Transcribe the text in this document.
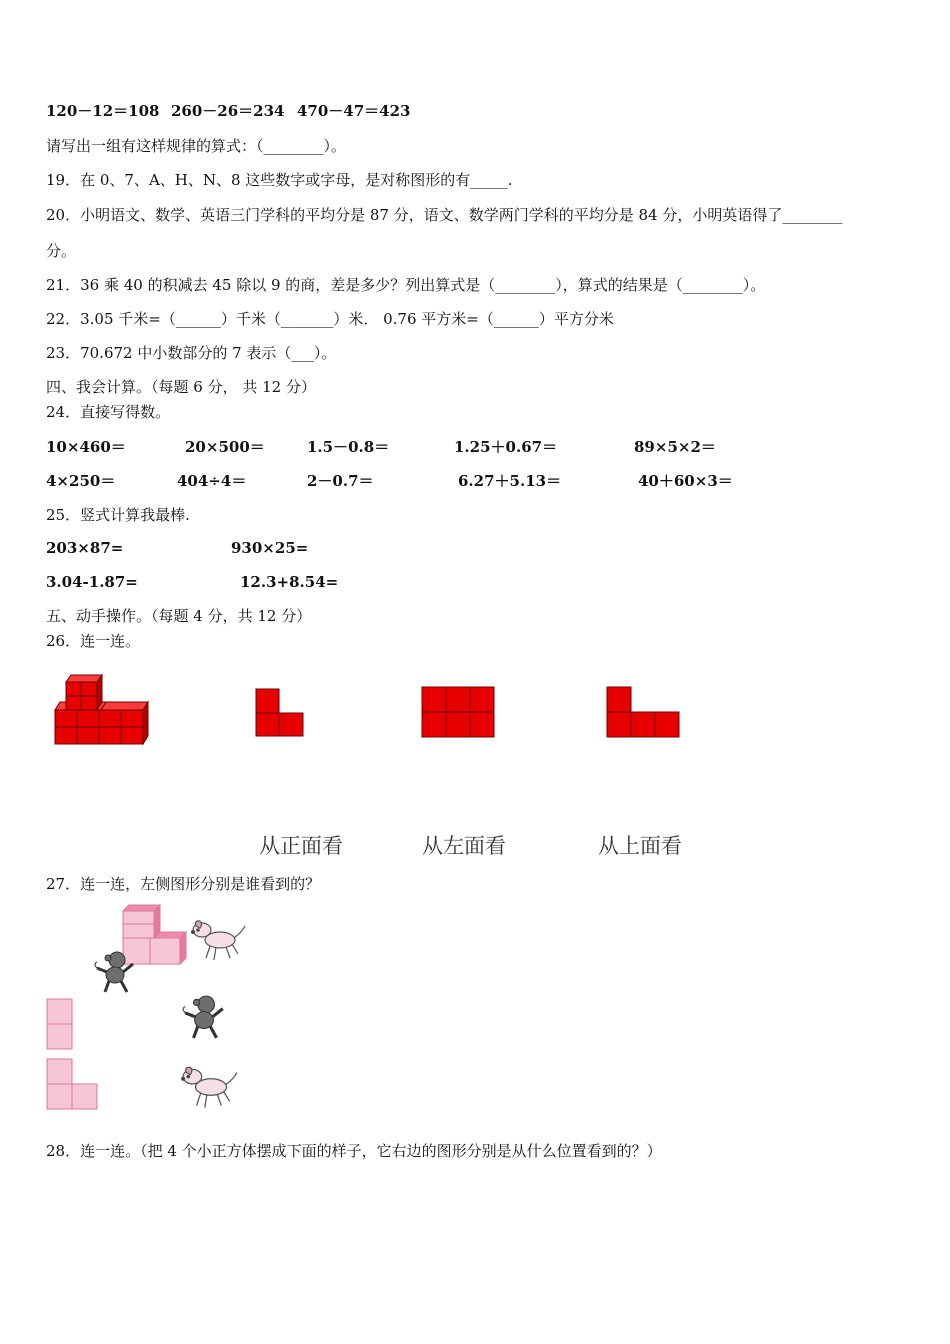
120－12＝108 260－26＝234 470－47＝423
请写出一组有这样规律的算式：（________）。
19．在 0、7、A、H、N、8 这些数字或字母，是对称图形的有_____.
20．小明语文、数学、英语三门学科的平均分是 87 分，语文、数学两门学科的平均分是 84 分，小明英语得了________
分。
21．36 乘 40 的积减去 45 除以 9 的商，差是多少？列出算式是（________），算式的结果是（________）。
22．3.05 千米=（______）千米（_______）米． 0.76 平方米=（______）平方分米
23．70.672 中小数部分的 7 表示（___）。
四、我会计算。（每题 6 分， 共 12 分）
24．直接写得数。
10×460＝	20×500＝	1.5－0.8＝	1.25＋0.67＝	89×5×2＝
4×250＝	404÷4＝	2－0.7＝	6.27＋5.13＝	40＋60×3＝
25．竖式计算我最棒.
203×87=	930×25=
3.04-1.87=	12.3+8.54=
五、动手操作。（每题 4 分，共 12 分）
26．连一连。
从正面看	从左面看	从上面看
27．连一连，左侧图形分别是谁看到的？
28．连一连。（把 4 个小正方体摆成下面的样子，它右边的图形分别是从什么位置看到的？）
